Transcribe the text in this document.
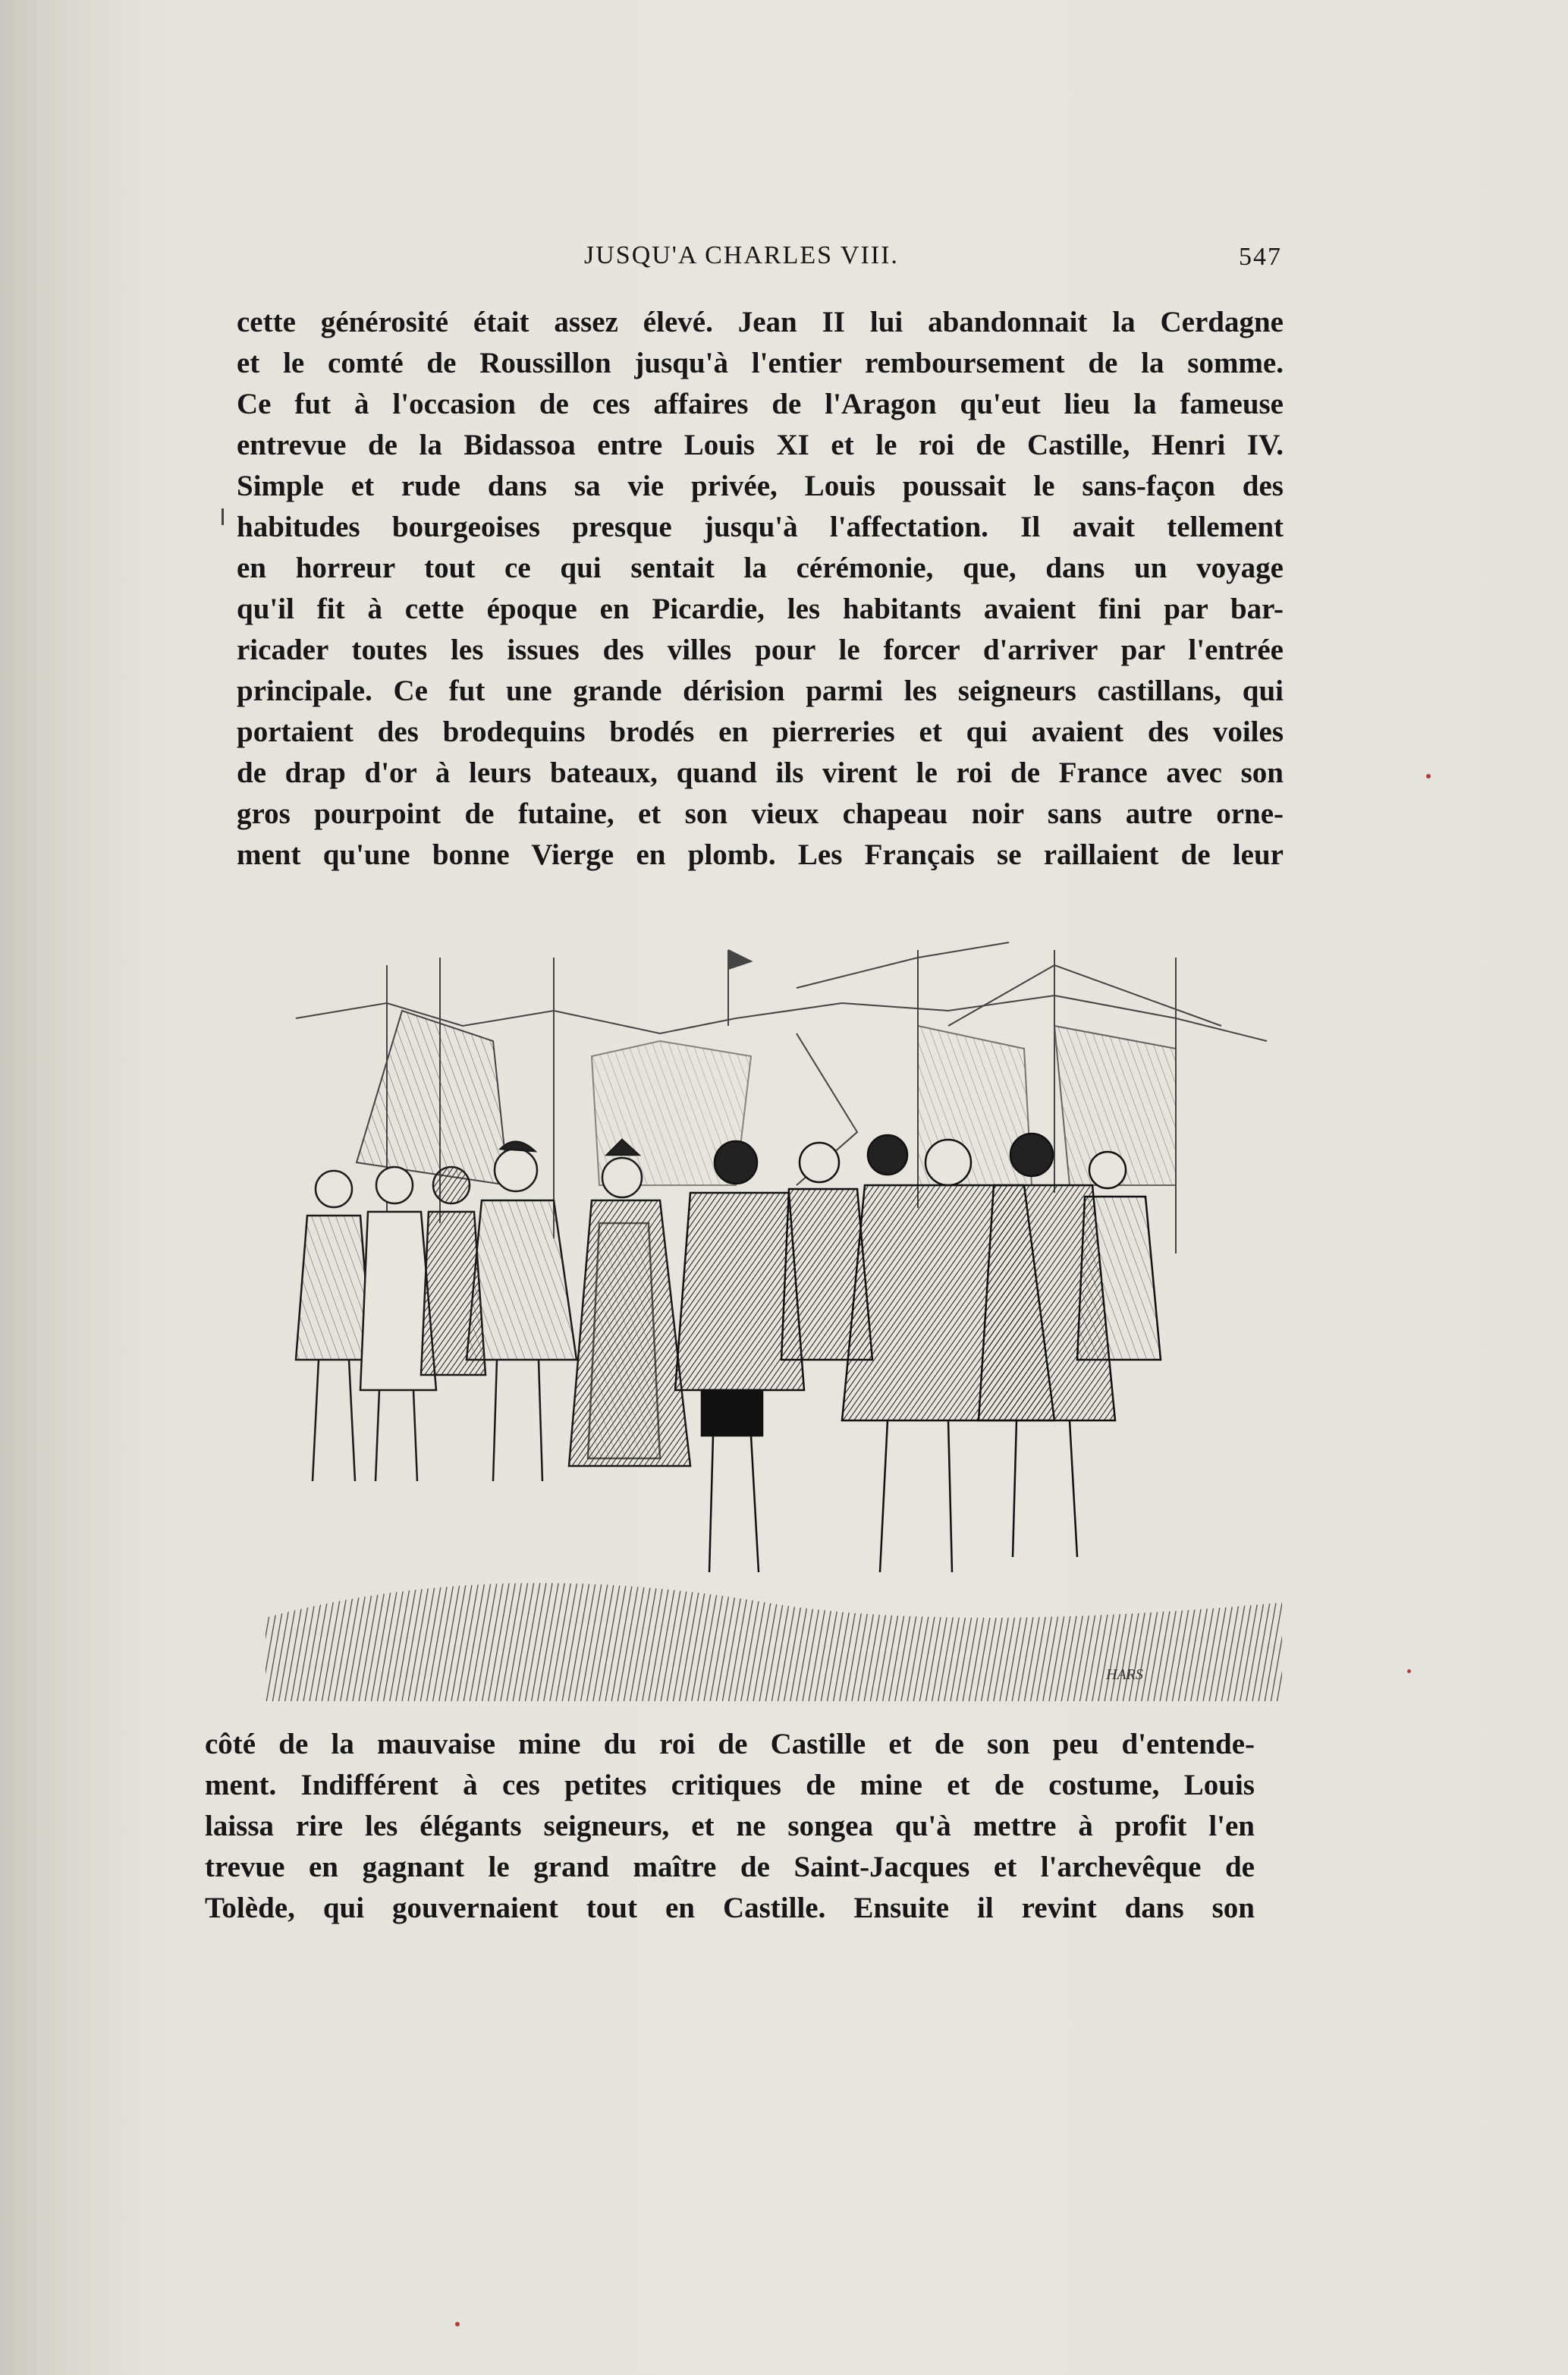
JUSQU'A CHARLES VIII.	547
cette générosité était assez élevé. Jean II lui abandonnait la Cerdagne
et le comté de Roussillon jusqu'à l'entier remboursement de la somme.
Ce fut à l'occasion de ces affaires de l'Aragon qu'eut lieu la fameuse
entrevue de la Bidassoa entre Louis XI et le roi de Castille, Henri IV.
Simple et rude dans sa vie privée, Louis poussait le sans-façon des
habitudes bourgeoises presque jusqu'à l'affectation. Il avait tellement
en horreur tout ce qui sentait la cérémonie, que, dans un voyage
qu'il fit à cette époque en Picardie, les habitants avaient fini par bar-
ricader toutes les issues des villes pour le forcer d'arriver par l'entrée
principale. Ce fut une grande dérision parmi les seigneurs castillans, qui
portaient des brodequins brodés en pierreries et qui avaient des voiles
de drap d'or à leurs bateaux, quand ils virent le roi de France avec son
gros pourpoint de futaine, et son vieux chapeau noir sans autre orne-
ment qu'une bonne Vierge en plomb. Les Français se raillaient de leur
HARS
côté de la mauvaise mine du roi de Castille et de son peu d'entende-
ment. Indifférent à ces petites critiques de mine et de costume, Louis
laissa rire les élégants seigneurs, et ne songea qu'à mettre à profit l'en
trevue en gagnant le grand maître de Saint-Jacques et l'archevêque de
Tolède, qui gouvernaient tout en Castille. Ensuite il revint dans son
